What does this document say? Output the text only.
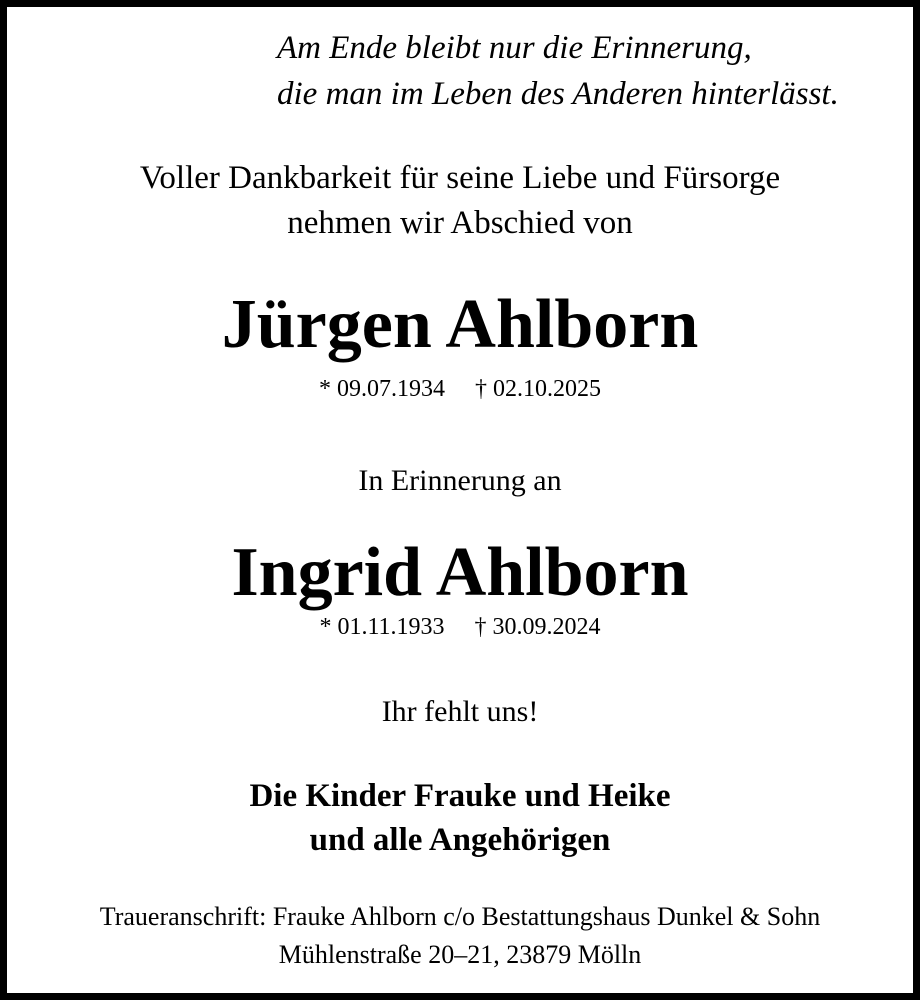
Am Ende bleibt nur die Erinnerung,

die man im Leben des Anderen hinterlässt.

Voller Dankbarkeit für seine Liebe und Fürsorge

nehmen wir Abschied von

Jürgen Ahlborn

* 09.07.1934 † 02.10.2025

In Erinnerung an

Ingrid Ahlborn

* 01.11.1933 † 30.09.2024

Ihr fehlt uns!

Die Kinder Frauke und Heike

und alle Angehörigen

Traueranschrift: Frauke Ahlborn c/o Bestattungshaus Dunkel & Sohn

Mühlenstraße 20–21, 23879 Mölln
